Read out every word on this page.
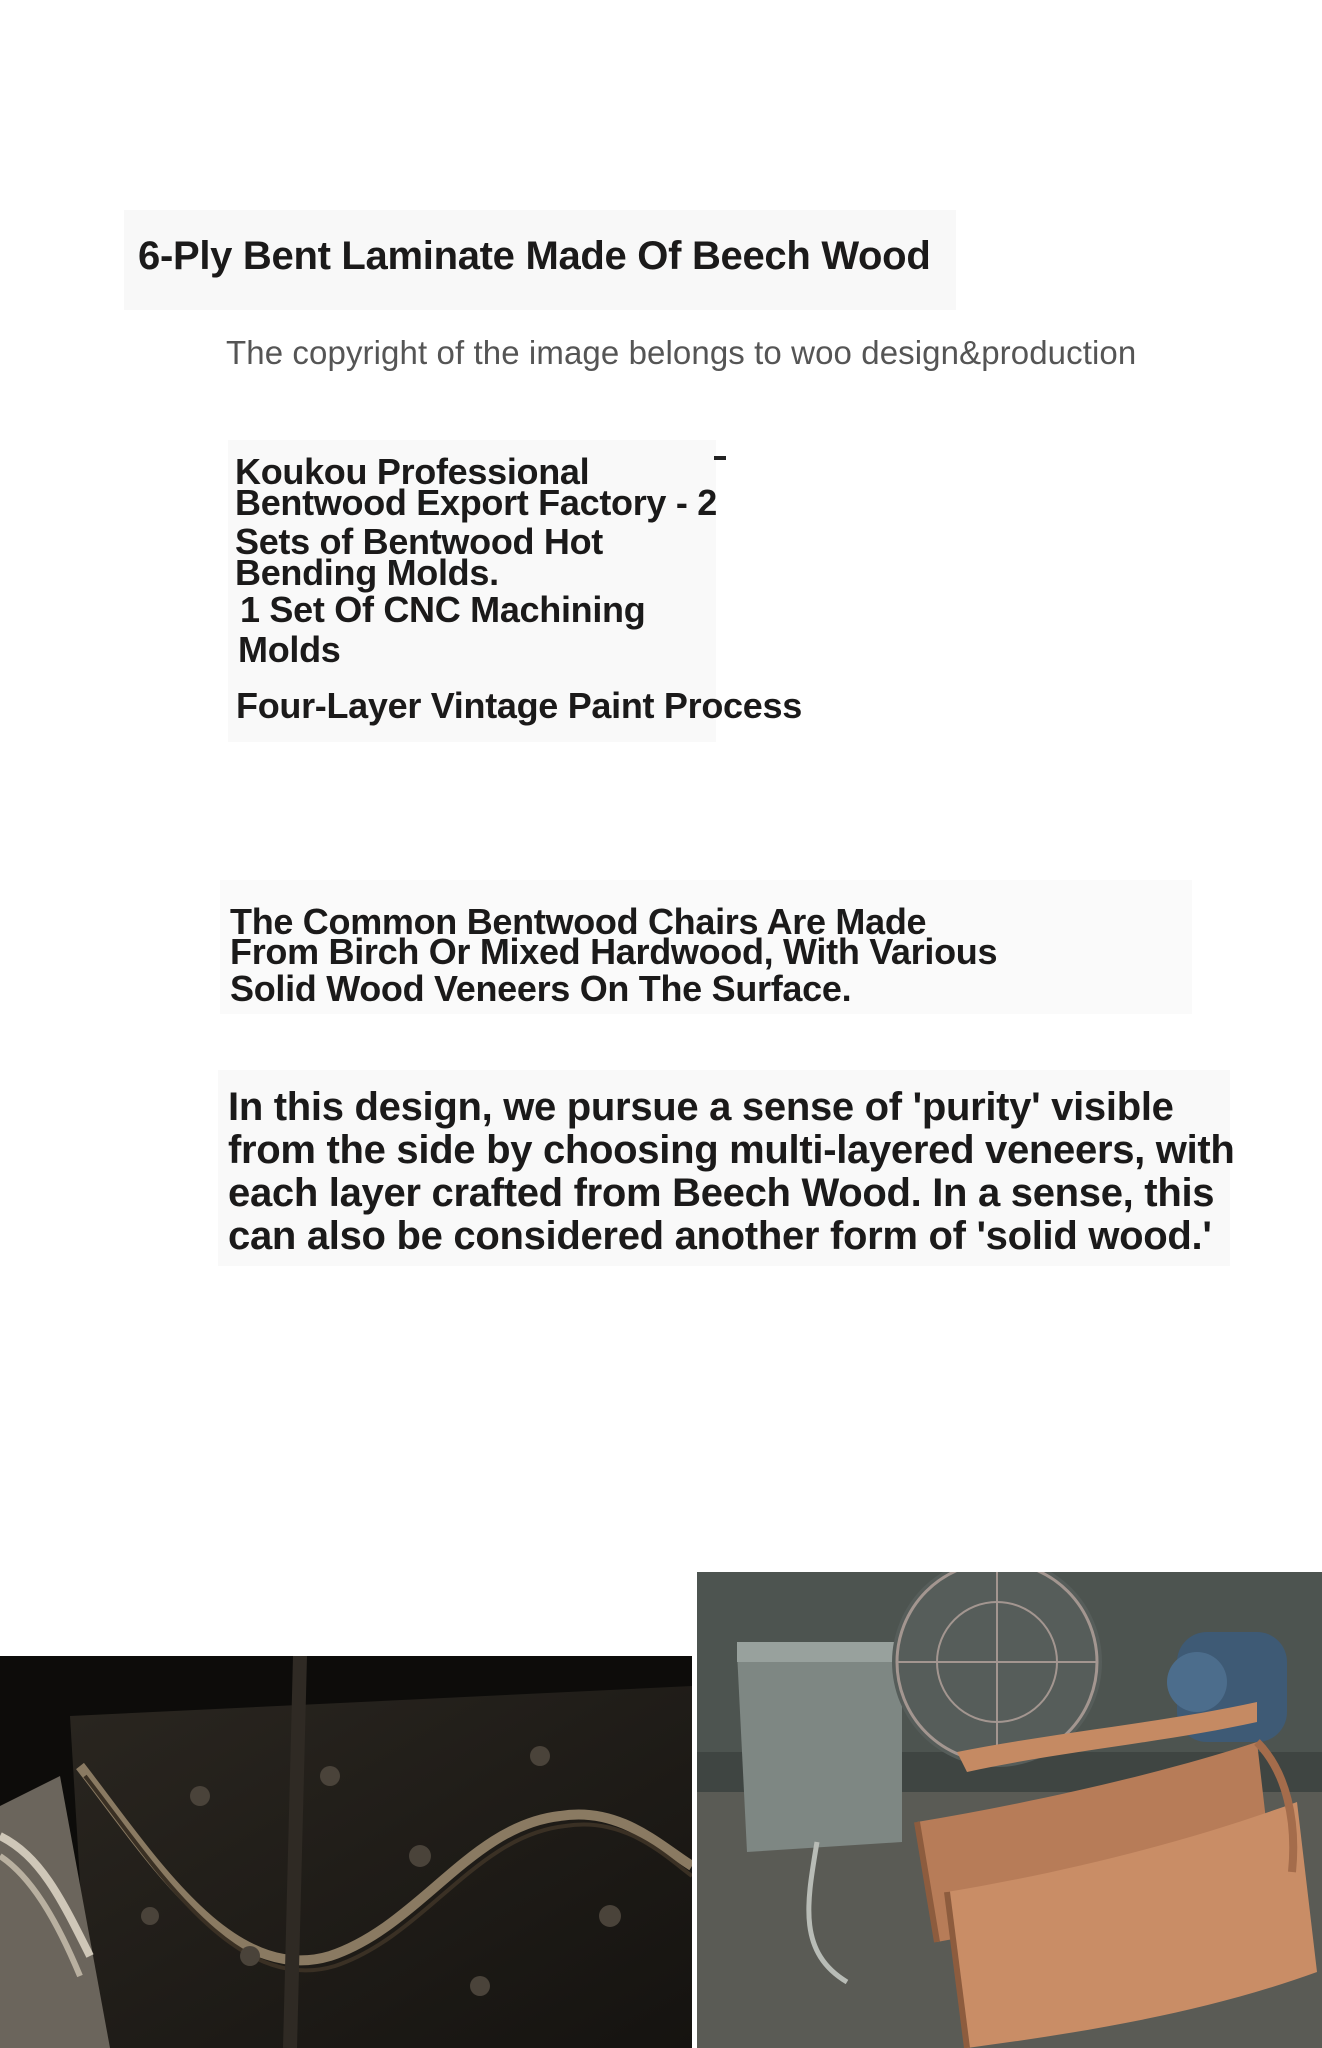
6-Ply Bent Laminate Made Of Beech Wood
The copyright of the image belongs to woo design&production
Koukou Professional
Bentwood Export Factory - 2
Sets of Bentwood Hot
Bending Molds.
1 Set Of CNC Machining
Molds
Four-Layer Vintage Paint Process
The Common Bentwood Chairs Are Made
From Birch Or Mixed Hardwood, With Various
Solid Wood Veneers On The Surface.
In this design, we pursue a sense of 'purity' visible
from the side by choosing multi-layered veneers, with
each layer crafted from Beech Wood. In a sense, this
can also be considered another form of 'solid wood.'
